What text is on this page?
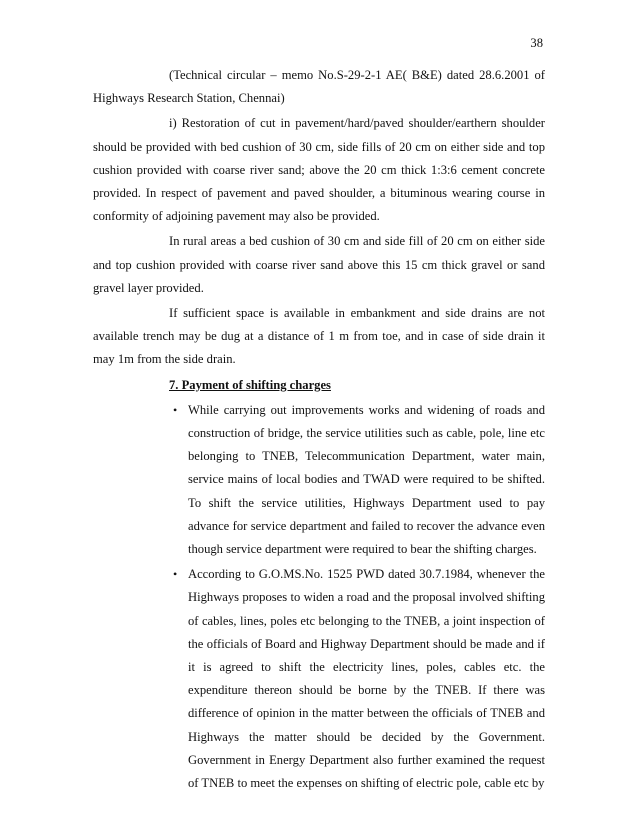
38

(Technical circular – memo No.S-29-2-1 AE( B&E) dated 28.6.2001 of Highways Research Station, Chennai)

i) Restoration of cut in pavement/hard/paved shoulder/earthern shoulder should be provided with bed cushion of 30 cm, side fills of 20 cm on either side and top cushion provided with coarse river sand; above the 20 cm thick 1:3:6 cement concrete provided. In respect of pavement and paved shoulder, a bituminous wearing course in conformity of adjoining pavement may also be provided.

In rural areas a bed cushion of 30 cm and side fill of 20 cm on either side and top cushion provided with coarse river sand above this 15 cm thick gravel or sand gravel layer provided.

If sufficient space is available in embankment and side drains are not available trench may be dug at a distance of 1 m from toe, and in case of side drain it may 1m from the side drain.

7. Payment of shifting charges

• While carrying out improvements works and widening of roads and construction of bridge, the service utilities such as cable, pole, line etc belonging to TNEB, Telecommunication Department, water main, service mains of local bodies and TWAD were required to be shifted. To shift the service utilities, Highways Department used to pay advance for service department and failed to recover the advance even though service department were required to bear the shifting charges.
• According to G.O.MS.No. 1525 PWD dated 30.7.1984, whenever the Highways proposes to widen a road and the proposal involved shifting of cables, lines, poles etc belonging to the TNEB, a joint inspection of the officials of Board and Highway Department should be made and if it is agreed to shift the electricity lines, poles, cables etc. the expenditure thereon should be borne by the TNEB. If there was difference of opinion in the matter between the officials of TNEB and Highways the matter should be decided by the Government. Government in Energy Department also further examined the request of TNEB to meet the expenses on shifting of electric pole, cable etc by
